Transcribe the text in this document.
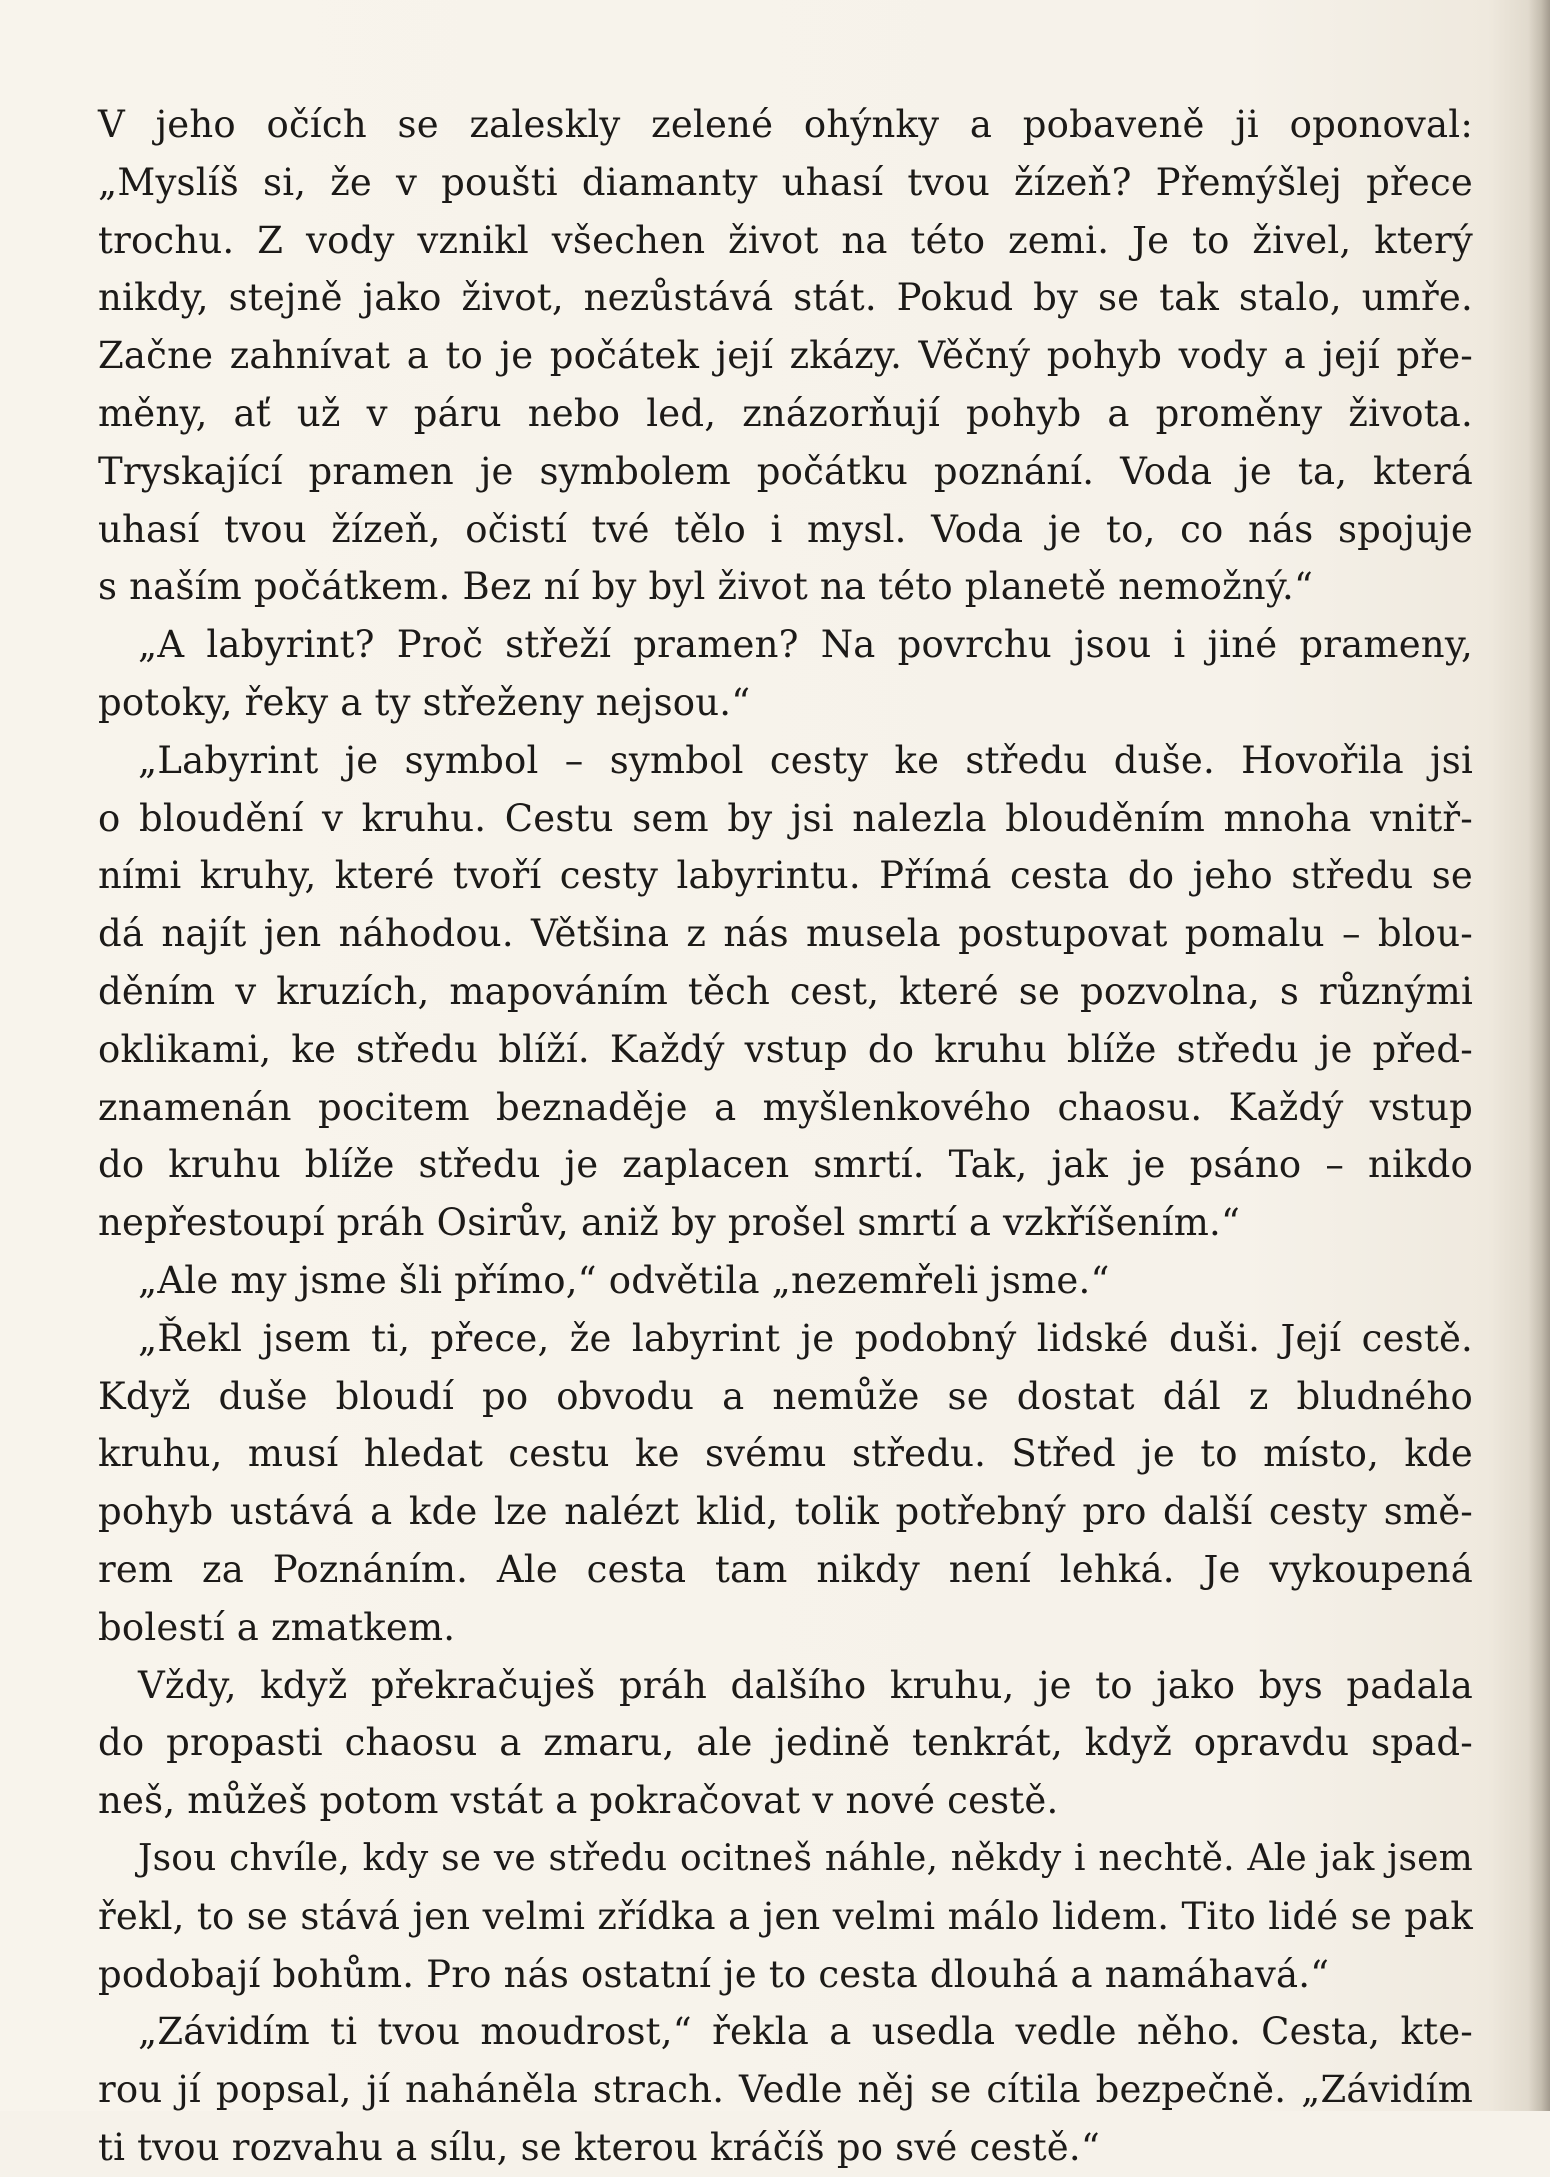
V jeho očích se zaleskly zelené ohýnky a pobaveně ji oponoval:
„Myslíš si, že v poušti diamanty uhasí tvou žízeň? Přemýšlej přece
trochu. Z vody vznikl všechen život na této zemi. Je to živel, který
nikdy, stejně jako život, nezůstává stát. Pokud by se tak stalo, umře.
Začne zahnívat a to je počátek její zkázy. Věčný pohyb vody a její pře-
měny, ať už v páru nebo led, znázorňují pohyb a proměny života.
Tryskající pramen je symbolem počátku poznání. Voda je ta, která
uhasí tvou žízeň, očistí tvé tělo i mysl. Voda je to, co nás spojuje
s naším počátkem. Bez ní by byl život na této planetě nemožný.“
„A labyrint? Proč střeží pramen? Na povrchu jsou i jiné prameny,
potoky, řeky a ty střeženy nejsou.“
„Labyrint je symbol – symbol cesty ke středu duše. Hovořila jsi
o bloudění v kruhu. Cestu sem by jsi nalezla blouděním mnoha vnitř-
ními kruhy, které tvoří cesty labyrintu. Přímá cesta do jeho středu se
dá najít jen náhodou. Většina z nás musela postupovat pomalu – blou-
děním v kruzích, mapováním těch cest, které se pozvolna, s různými
oklikami, ke středu blíží. Každý vstup do kruhu blíže středu je před-
znamenán pocitem beznaděje a myšlenkového chaosu. Každý vstup
do kruhu blíže středu je zaplacen smrtí. Tak, jak je psáno – nikdo
nepřestoupí práh Osirův, aniž by prošel smrtí a vzkříšením.“
„Ale my jsme šli přímo,“ odvětila „nezemřeli jsme.“
„Řekl jsem ti, přece, že labyrint je podobný lidské duši. Její cestě.
Když duše bloudí po obvodu a nemůže se dostat dál z bludného
kruhu, musí hledat cestu ke svému středu. Střed je to místo, kde
pohyb ustává a kde lze nalézt klid, tolik potřebný pro další cesty smě-
rem za Poznáním. Ale cesta tam nikdy není lehká. Je vykoupená
bolestí a zmatkem.
Vždy, když překračuješ práh dalšího kruhu, je to jako bys padala
do propasti chaosu a zmaru, ale jedině tenkrát, když opravdu spad-
neš, můžeš potom vstát a pokračovat v nové cestě.
Jsou chvíle, kdy se ve středu ocitneš náhle, někdy i nechtě. Ale jak jsem
řekl, to se stává jen velmi zřídka a jen velmi málo lidem. Tito lidé se pak
podobají bohům. Pro nás ostatní je to cesta dlouhá a namáhavá.“
„Závidím ti tvou moudrost,“ řekla a usedla vedle něho. Cesta, kte-
rou jí popsal, jí naháněla strach. Vedle něj se cítila bezpečně. „Závidím
ti tvou rozvahu a sílu, se kterou kráčíš po své cestě.“
